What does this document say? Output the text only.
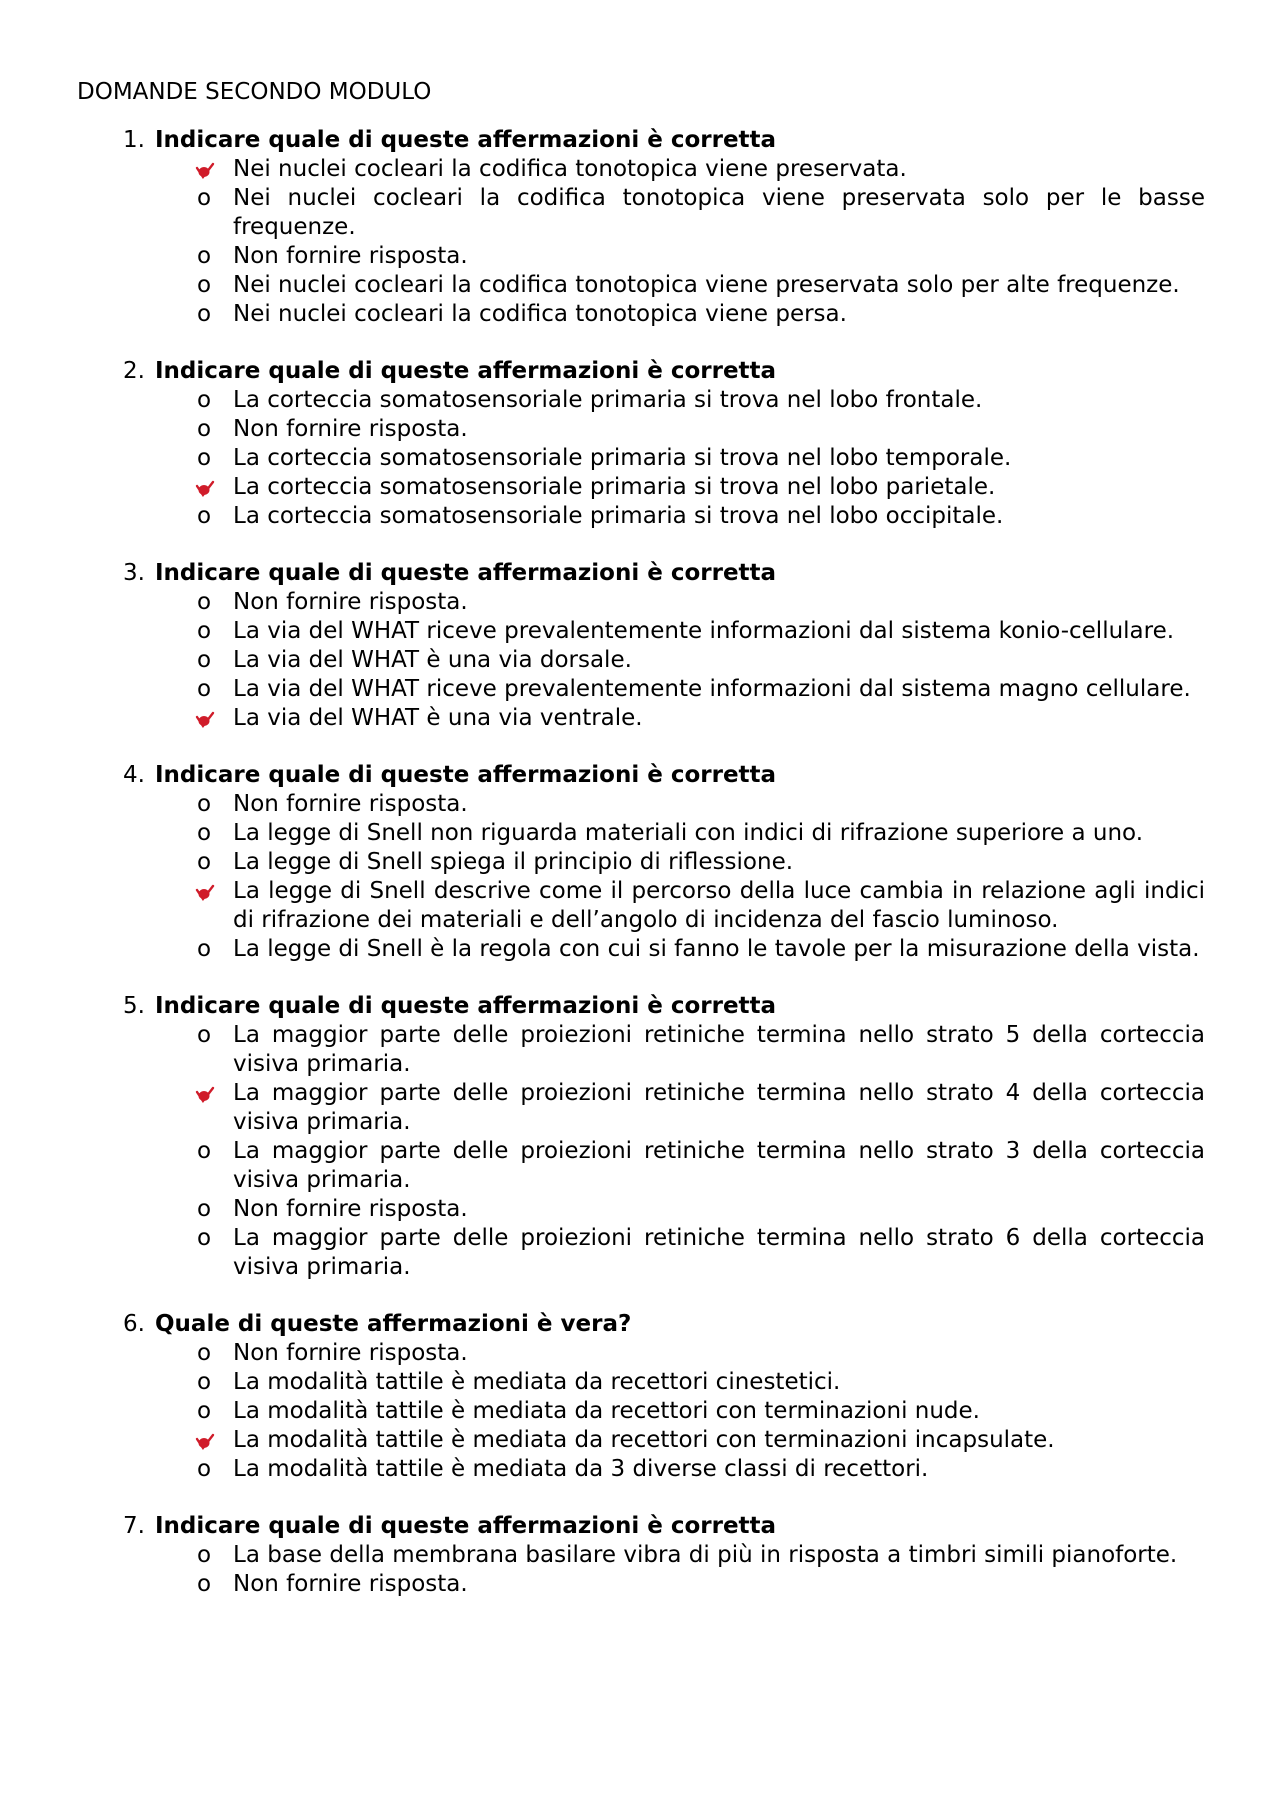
DOMANDE SECONDO MODULO
1. Indicare quale di queste affermazioni è corretta
Nei nuclei cocleari la codifica tonotopica viene preservata.
o Nei nuclei cocleari la codifica tonotopica viene preservata solo per le basse frequenze.
o Non fornire risposta.
o Nei nuclei cocleari la codifica tonotopica viene preservata solo per alte frequenze.
o Nei nuclei cocleari la codifica tonotopica viene persa.
2. Indicare quale di queste affermazioni è corretta
o La corteccia somatosensoriale primaria si trova nel lobo frontale.
o Non fornire risposta.
o La corteccia somatosensoriale primaria si trova nel lobo temporale.
La corteccia somatosensoriale primaria si trova nel lobo parietale.
o La corteccia somatosensoriale primaria si trova nel lobo occipitale.
3. Indicare quale di queste affermazioni è corretta
o Non fornire risposta.
o La via del WHAT riceve prevalentemente informazioni dal sistema konio-cellulare.
o La via del WHAT è una via dorsale.
o La via del WHAT riceve prevalentemente informazioni dal sistema magno cellulare.
La via del WHAT è una via ventrale.
4. Indicare quale di queste affermazioni è corretta
o Non fornire risposta.
o La legge di Snell non riguarda materiali con indici di rifrazione superiore a uno.
o La legge di Snell spiega il principio di riflessione.
La legge di Snell descrive come il percorso della luce cambia in relazione agli indici di rifrazione dei materiali e dell’angolo di incidenza del fascio luminoso.
o La legge di Snell è la regola con cui si fanno le tavole per la misurazione della vista.
5. Indicare quale di queste affermazioni è corretta
o La maggior parte delle proiezioni retiniche termina nello strato 5 della corteccia visiva primaria.
La maggior parte delle proiezioni retiniche termina nello strato 4 della corteccia visiva primaria.
o La maggior parte delle proiezioni retiniche termina nello strato 3 della corteccia visiva primaria.
o Non fornire risposta.
o La maggior parte delle proiezioni retiniche termina nello strato 6 della corteccia visiva primaria.
6. Quale di queste affermazioni è vera?
o Non fornire risposta.
o La modalità tattile è mediata da recettori cinestetici.
o La modalità tattile è mediata da recettori con terminazioni nude.
La modalità tattile è mediata da recettori con terminazioni incapsulate.
o La modalità tattile è mediata da 3 diverse classi di recettori.
7. Indicare quale di queste affermazioni è corretta
o La base della membrana basilare vibra di più in risposta a timbri simili pianoforte.
o Non fornire risposta.
